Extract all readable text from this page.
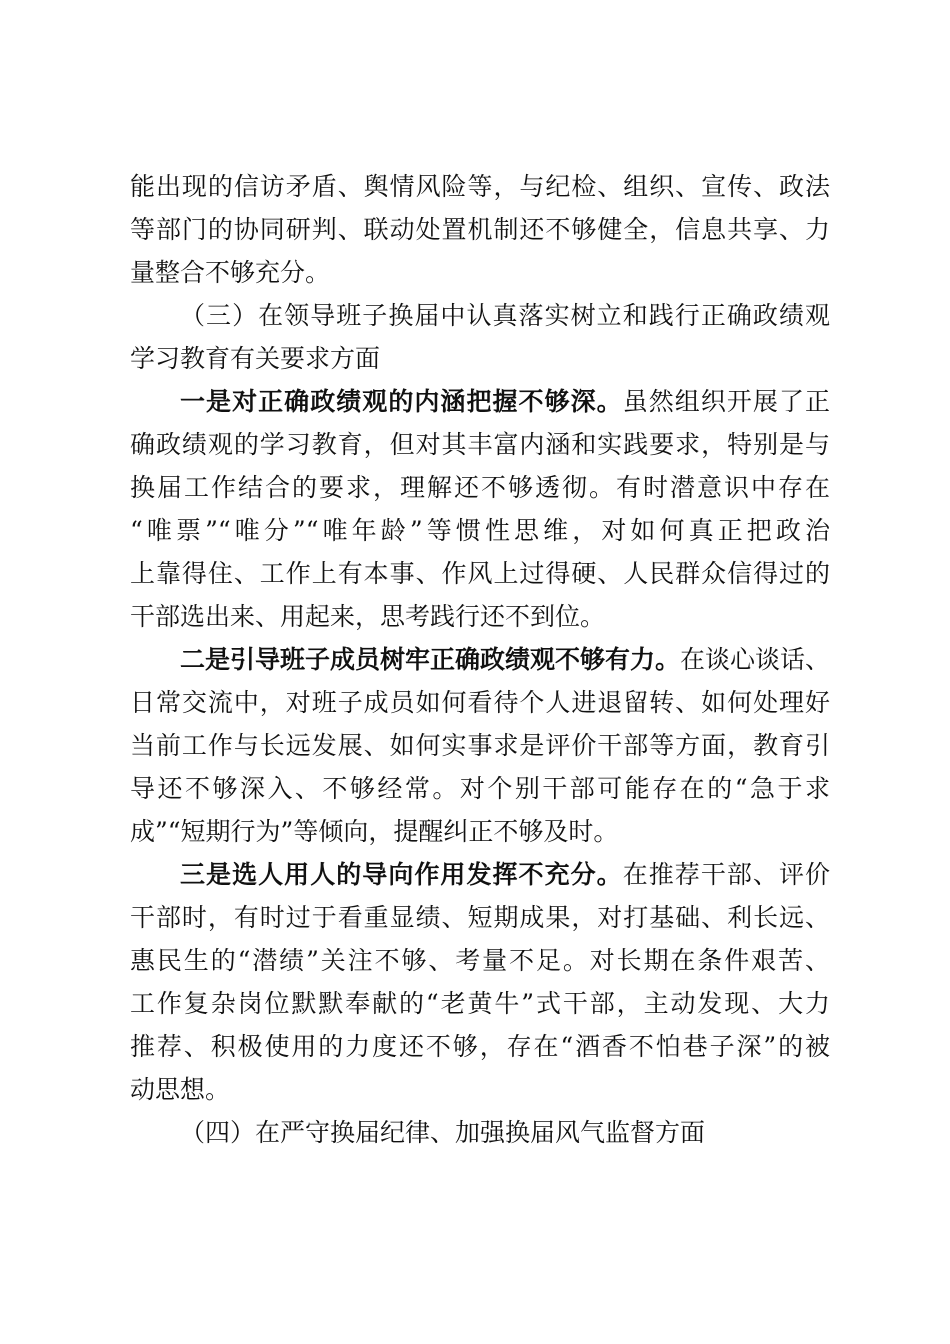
能出现的信访矛盾、舆情风险等，与纪检、组织、宣传、政法
等部门的协同研判、联动处置机制还不够健全，信息共享、力
量整合不够充分。
（三）在领导班子换届中认真落实树立和践行正确政绩观
学习教育有关要求方面
一是对正确政绩观的内涵把握不够深。虽然组织开展了正
确政绩观的学习教育，但对其丰富内涵和实践要求，特别是与
换届工作结合的要求，理解还不够透彻。有时潜意识中存在
“唯票”“唯分”“唯年龄”等惯性思维，对如何真正把政治
上靠得住、工作上有本事、作风上过得硬、人民群众信得过的
干部选出来、用起来，思考践行还不到位。
二是引导班子成员树牢正确政绩观不够有力。在谈心谈话、
日常交流中，对班子成员如何看待个人进退留转、如何处理好
当前工作与长远发展、如何实事求是评价干部等方面，教育引
导还不够深入、不够经常。对个别干部可能存在的“急于求
成”“短期行为”等倾向，提醒纠正不够及时。
三是选人用人的导向作用发挥不充分。在推荐干部、评价
干部时，有时过于看重显绩、短期成果，对打基础、利长远、
惠民生的“潜绩”关注不够、考量不足。对长期在条件艰苦、
工作复杂岗位默默奉献的“老黄牛”式干部，主动发现、大力
推荐、积极使用的力度还不够，存在“酒香不怕巷子深”的被
动思想。
（四）在严守换届纪律、加强换届风气监督方面
